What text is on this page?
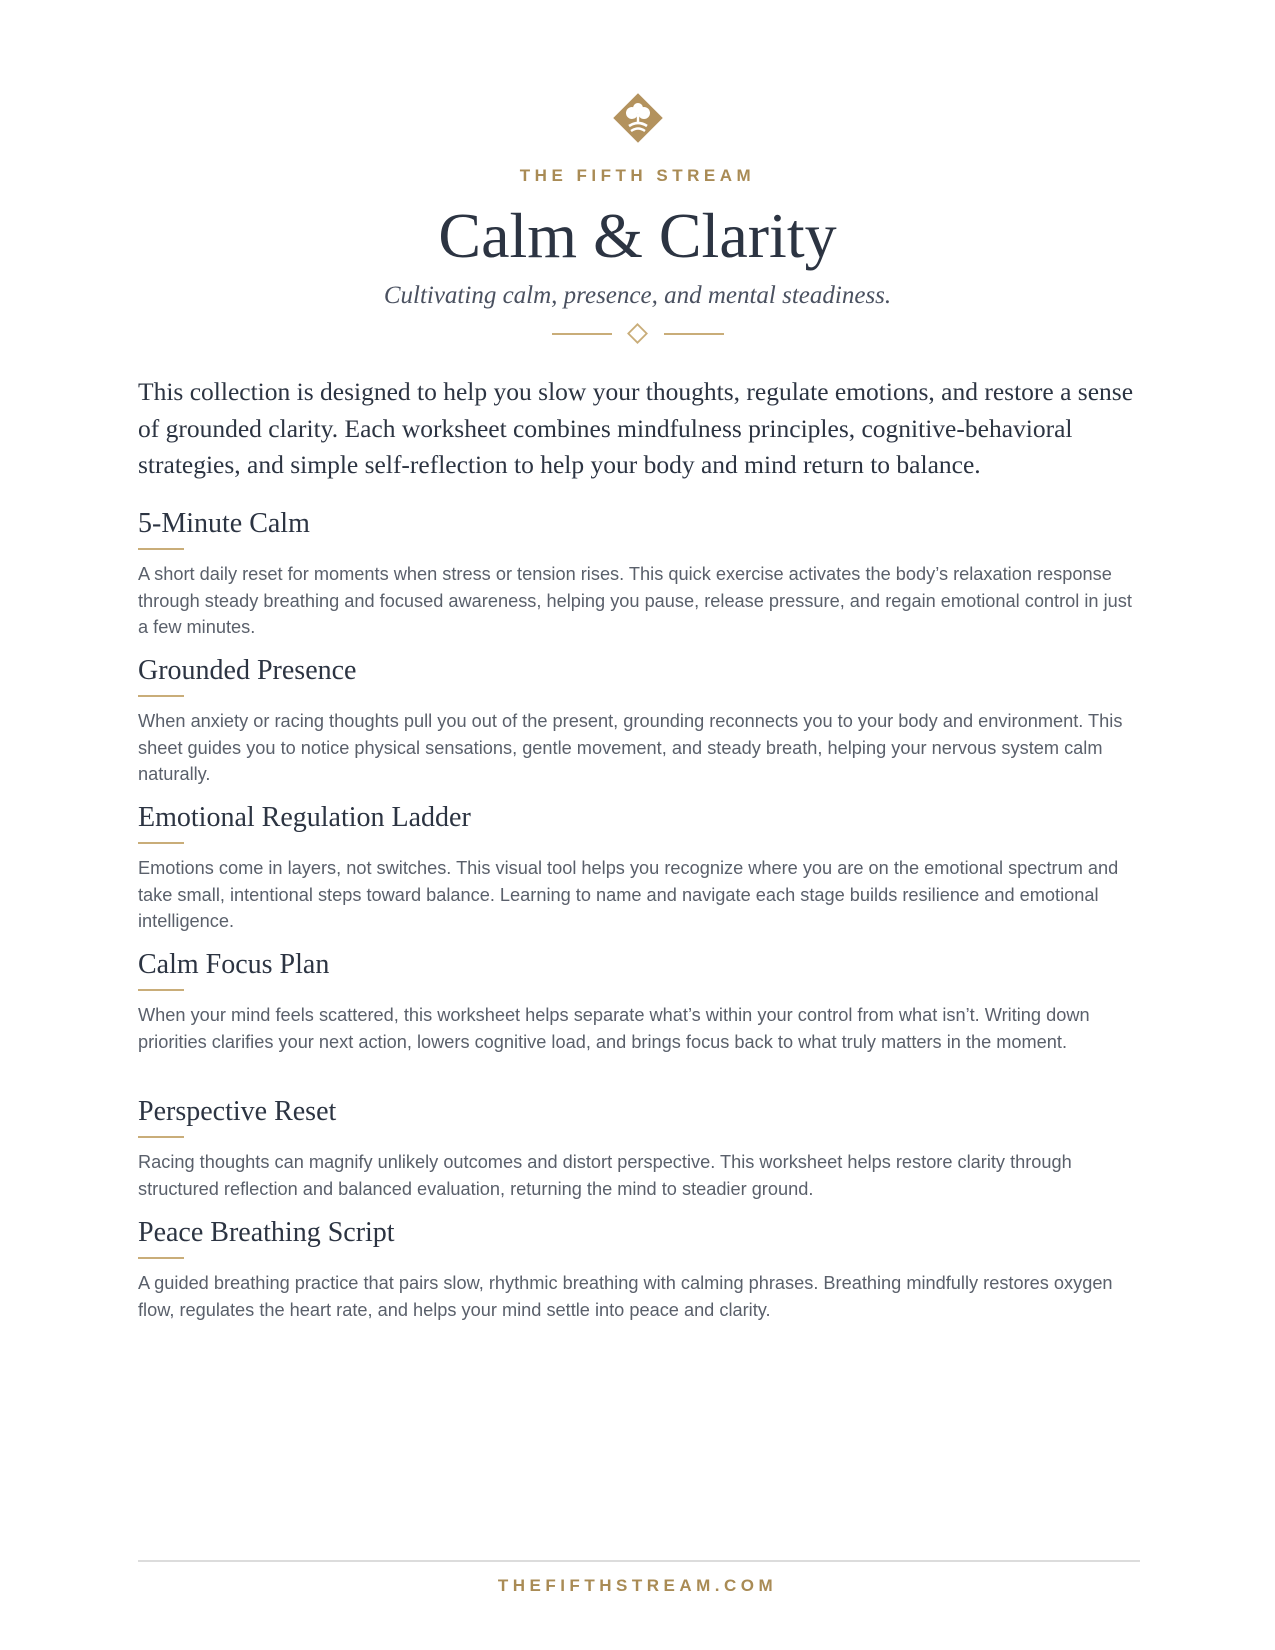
THE FIFTH STREAM
Calm & Clarity
Cultivating calm, presence, and mental steadiness.

This collection is designed to help you slow your thoughts, regulate emotions, and restore a sense of grounded clarity. Each worksheet combines mindfulness principles, cognitive-behavioral strategies, and simple self-reflection to help your body and mind return to balance.

5-Minute Calm

A short daily reset for moments when stress or tension rises. This quick exercise activates the body’s relaxation response through steady breathing and focused awareness, helping you pause, release pressure, and regain emotional control in just a few minutes.

Grounded Presence

When anxiety or racing thoughts pull you out of the present, grounding reconnects you to your body and environment. This sheet guides you to notice physical sensations, gentle movement, and steady breath, helping your nervous system calm naturally.

Emotional Regulation Ladder

Emotions come in layers, not switches. This visual tool helps you recognize where you are on the emotional spectrum and take small, intentional steps toward balance. Learning to name and navigate each stage builds resilience and emotional intelligence.

Calm Focus Plan

When your mind feels scattered, this worksheet helps separate what’s within your control from what isn’t. Writing down priorities clarifies your next action, lowers cognitive load, and brings focus back to what truly matters in the moment.

Perspective Reset

Racing thoughts can magnify unlikely outcomes and distort perspective. This worksheet helps restore clarity through structured reflection and balanced evaluation, returning the mind to steadier ground.

Peace Breathing Script

A guided breathing practice that pairs slow, rhythmic breathing with calming phrases. Breathing mindfully restores oxygen flow, regulates the heart rate, and helps your mind settle into peace and clarity.

THEFIFTHSTREAM.COM
